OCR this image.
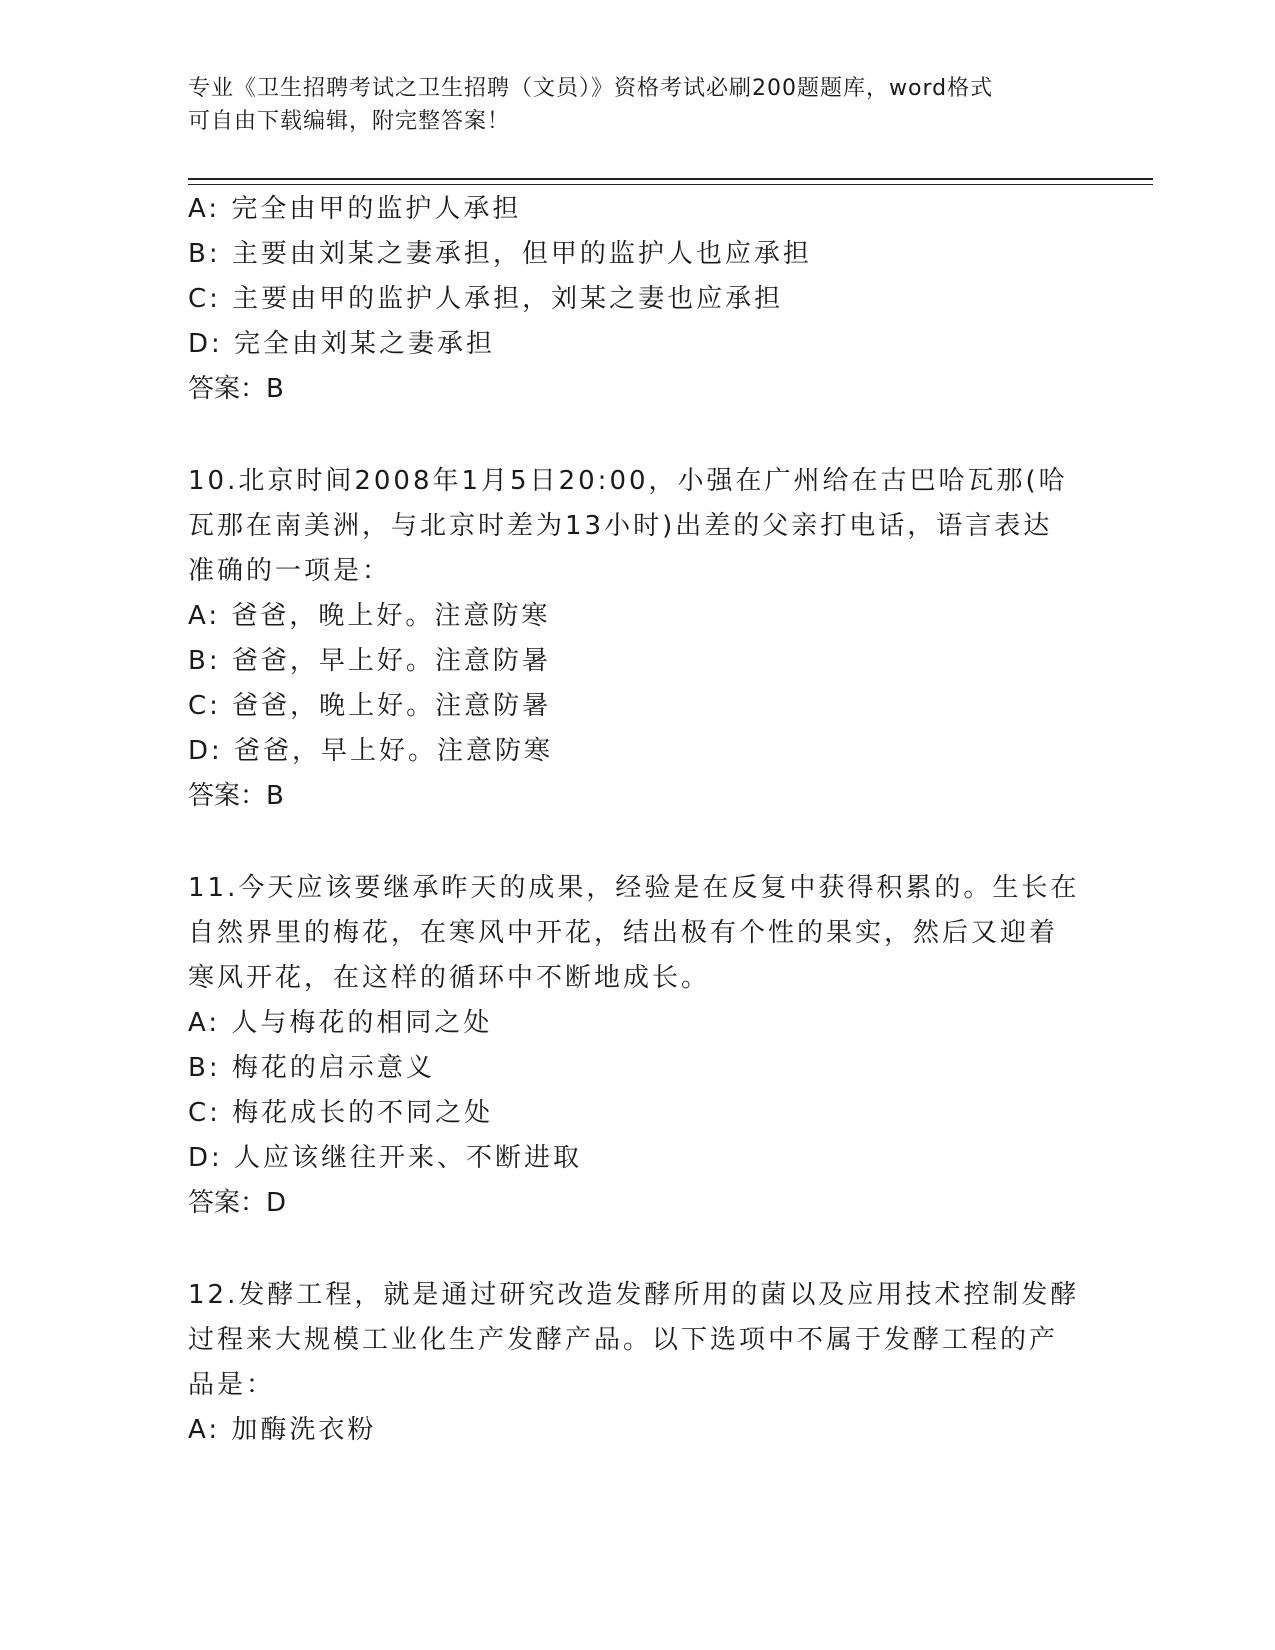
专业《卫生招聘考试之卫生招聘（文员）》资格考试必刷200题题库，word格式
可自由下载编辑，附完整答案！
A: 完全由甲的监护人承担
B: 主要由刘某之妻承担，但甲的监护人也应承担
C: 主要由甲的监护人承担，刘某之妻也应承担
D: 完全由刘某之妻承担
答案：B
10.北京时间2008年1月5日20:00，小强在广州给在古巴哈瓦那(哈
瓦那在南美洲，与北京时差为13小时)出差的父亲打电话，语言表达
准确的一项是：
A: 爸爸，晚上好。注意防寒
B: 爸爸，早上好。注意防暑
C: 爸爸，晚上好。注意防暑
D: 爸爸，早上好。注意防寒
答案：B
11.今天应该要继承昨天的成果，经验是在反复中获得积累的。生长在
自然界里的梅花，在寒风中开花，结出极有个性的果实，然后又迎着
寒风开花，在这样的循环中不断地成长。
A: 人与梅花的相同之处
B: 梅花的启示意义
C: 梅花成长的不同之处
D: 人应该继往开来、不断进取
答案：D
12.发酵工程，就是通过研究改造发酵所用的菌以及应用技术控制发酵
过程来大规模工业化生产发酵产品。以下选项中不属于发酵工程的产
品是：
A: 加酶洗衣粉
